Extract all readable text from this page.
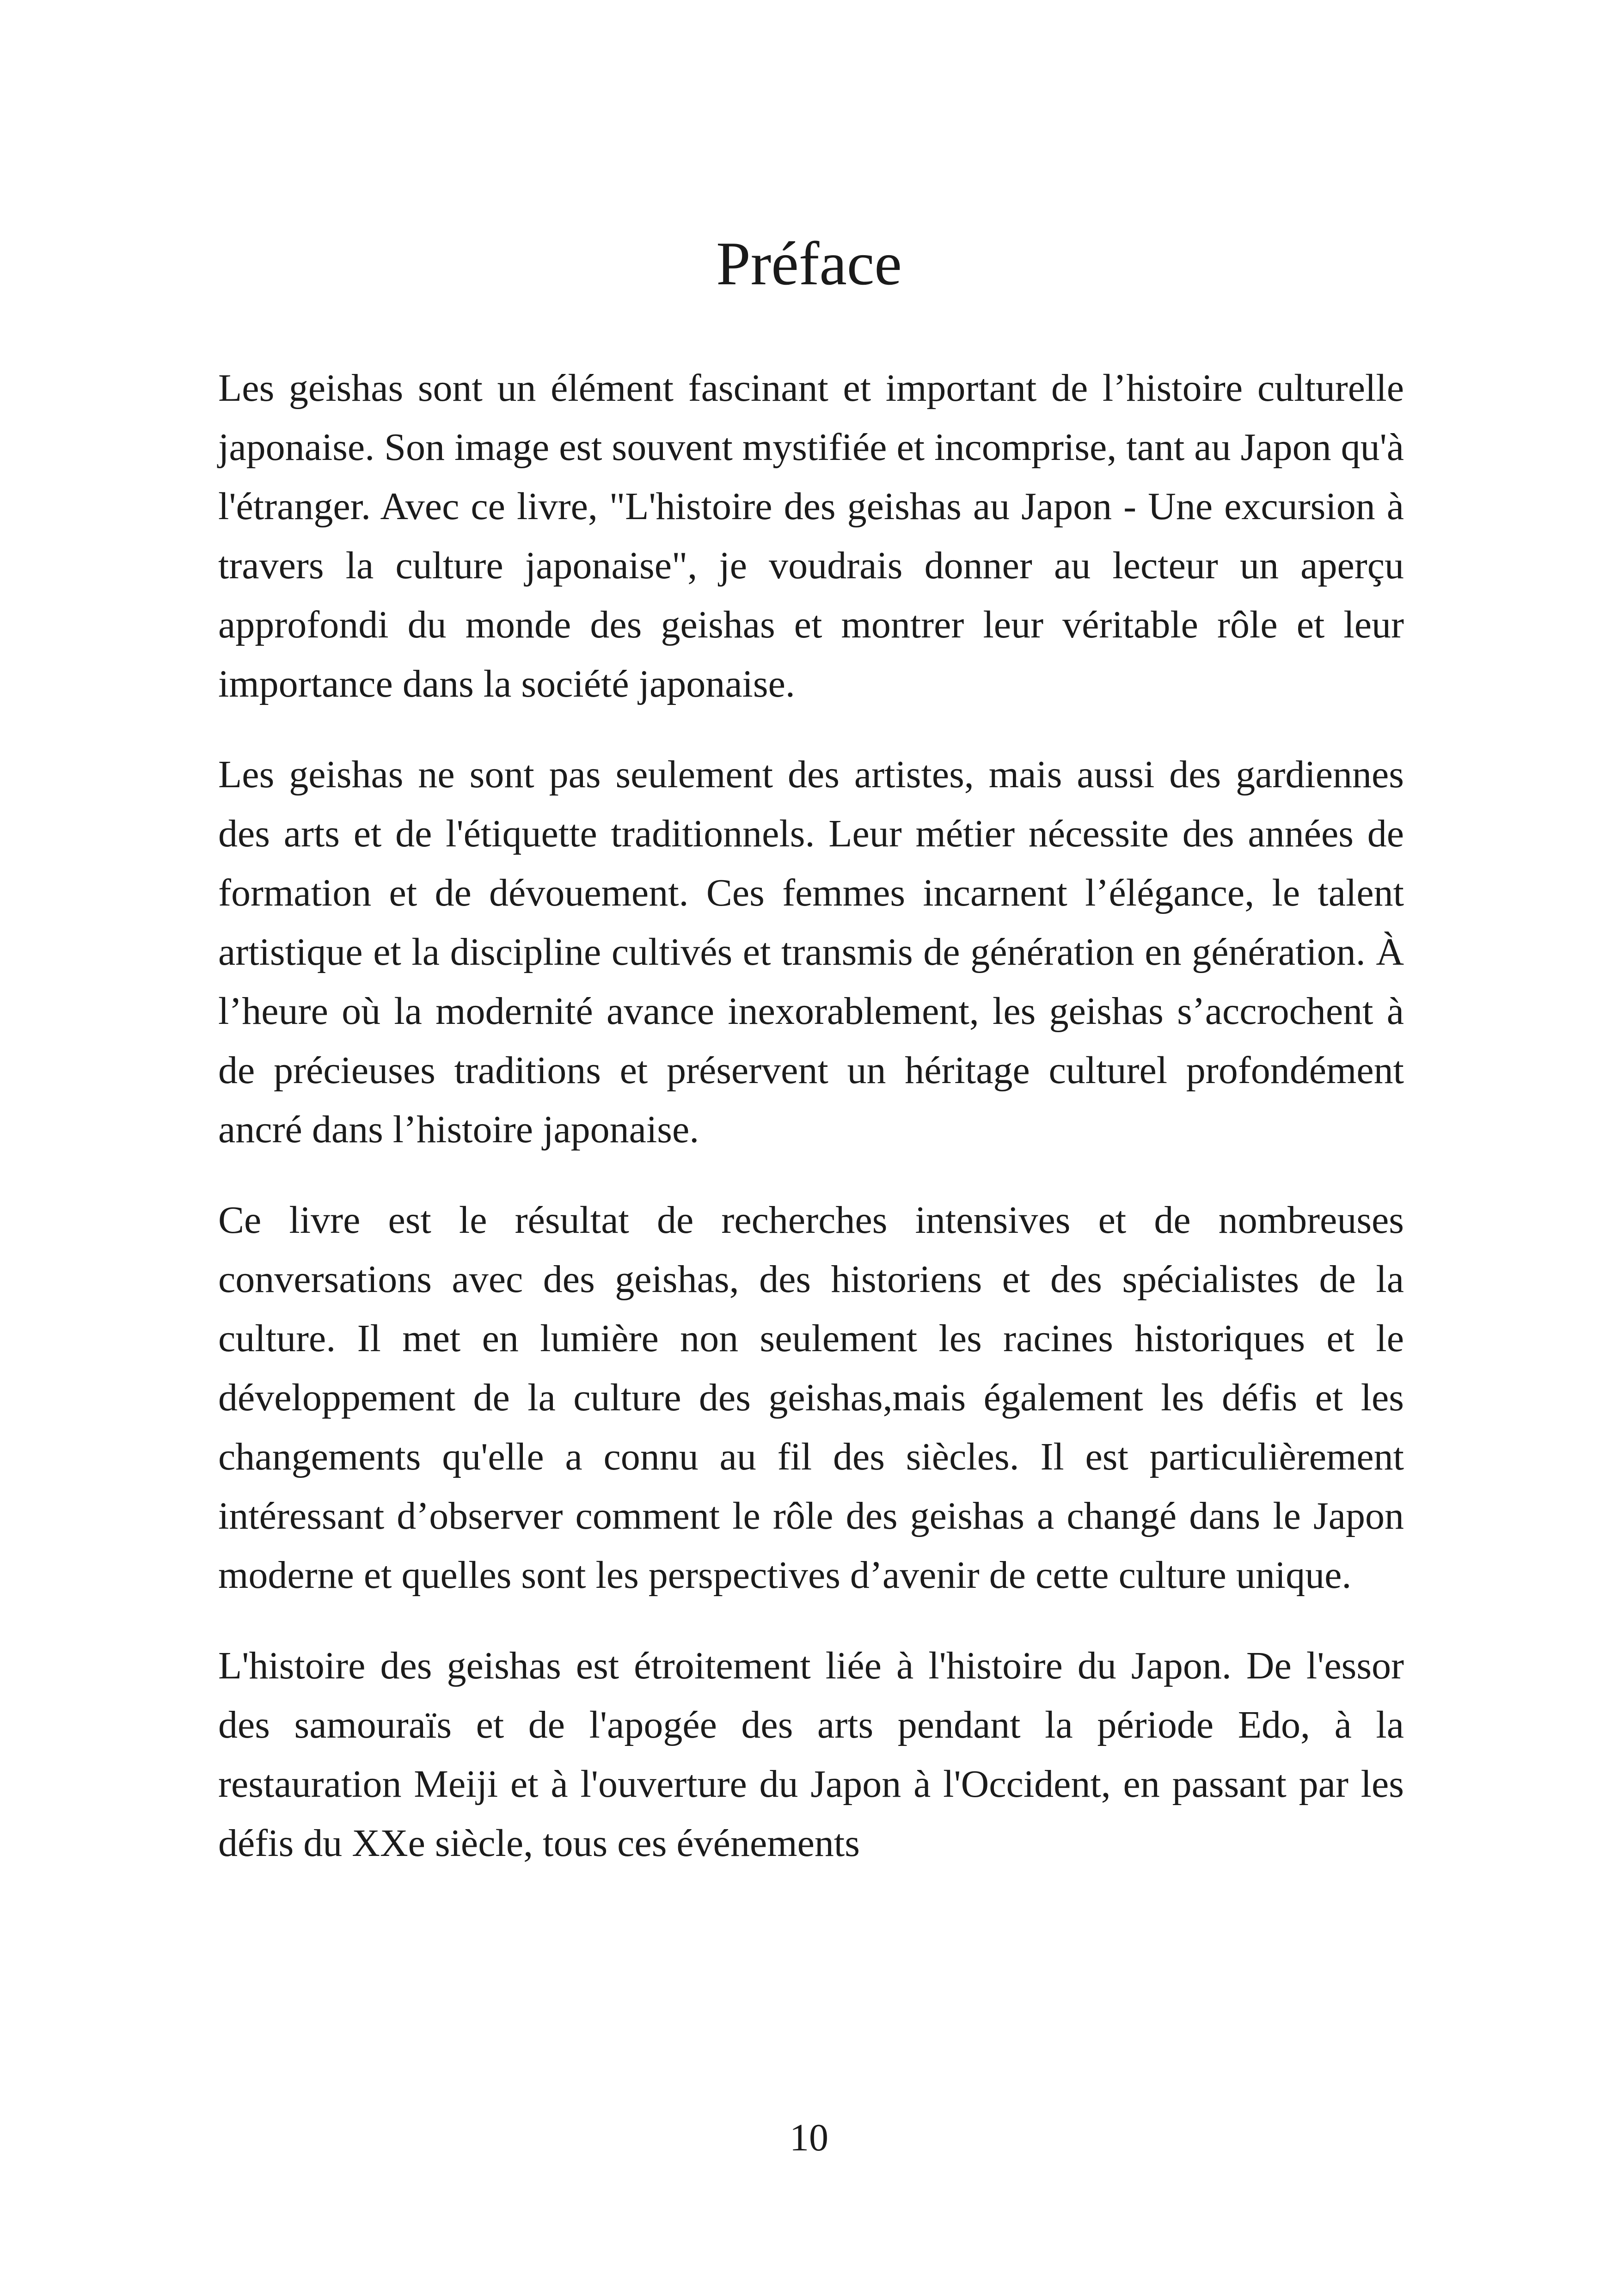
Préface

Les geishas sont un élément fascinant et important de l’histoire culturelle japonaise. Son image est souvent mystifiée et incomprise, tant au Japon qu'à l'étranger. Avec ce livre, "L'histoire des geishas au Japon - Une excursion à travers la culture japonaise", je voudrais donner au lecteur un aperçu approfondi du monde des geishas et montrer leur véritable rôle et leur importance dans la société japonaise.

Les geishas ne sont pas seulement des artistes, mais aussi des gardiennes des arts et de l'étiquette traditionnels. Leur métier nécessite des années de formation et de dévouement. Ces femmes incarnent l’élégance, le talent artistique et la discipline cultivés et transmis de génération en génération. À l’heure où la modernité avance inexorablement, les geishas s’accrochent à de précieuses traditions et préservent un héritage culturel profondément ancré dans l’histoire japonaise.

Ce livre est le résultat de recherches intensives et de nombreuses conversations avec des geishas, des historiens et des spécialistes de la culture. Il met en lumière non seulement les racines historiques et le développement de la culture des geishas,mais également les défis et les changements qu'elle a connu au fil des siècles. Il est particulièrement intéressant d’observer comment le rôle des geishas a changé dans le Japon moderne et quelles sont les perspectives d’avenir de cette culture unique.

L'histoire des geishas est étroitement liée à l'histoire du Japon. De l'essor des samouraïs et de l'apogée des arts pendant la période Edo, à la restauration Meiji et à l'ouverture du Japon à l'Occident, en passant par les défis du XXe siècle, tous ces événements

10
